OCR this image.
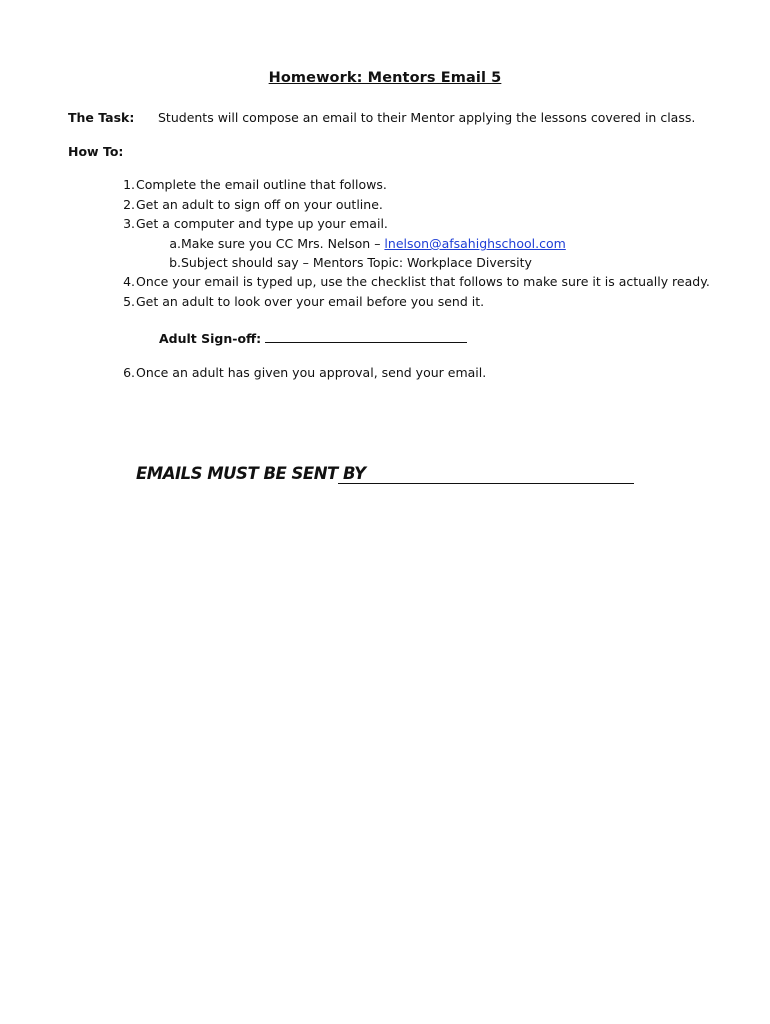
Homework: Mentors Email 5
The Task: Students will compose an email to their Mentor applying the lessons covered in class.
How To:
1. Complete the email outline that follows.
2. Get an adult to sign off on your outline.
3. Get a computer and type up your email.
a. Make sure you CC Mrs. Nelson – lnelson@afsahighschool.com
b. Subject should say – Mentors Topic: Workplace Diversity
4. Once your email is typed up, use the checklist that follows to make sure it is actually ready.
5. Get an adult to look over your email before you send it.
Adult Sign-off:
6. Once an adult has given you approval, send your email.
EMAILS MUST BE SENT BY
